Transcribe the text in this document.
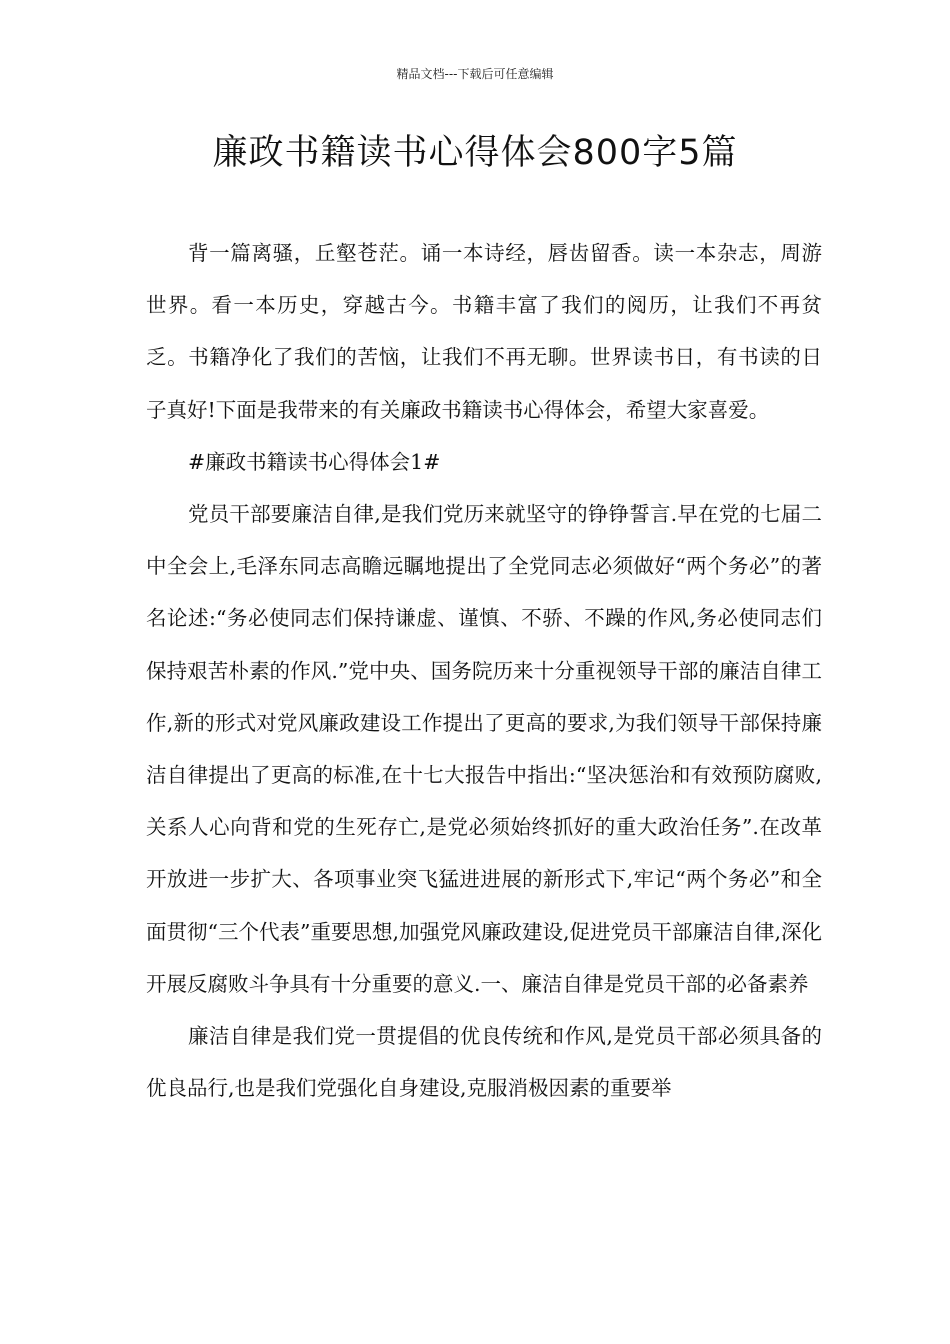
精品文档---下载后可任意编辑
廉政书籍读书心得体会800字5篇

背一篇离骚，丘壑苍茫。诵一本诗经，唇齿留香。读一本杂志，周游世界。看一本历史，穿越古今。书籍丰富了我们的阅历，让我们不再贫乏。书籍净化了我们的苦恼，让我们不再无聊。世界读书日，有书读的日子真好!下面是我带来的有关廉政书籍读书心得体会，希望大家喜爱。

#廉政书籍读书心得体会1#

党员干部要廉洁自律,是我们党历来就坚守的铮铮誓言.早在党的七届二中全会上,毛泽东同志高瞻远瞩地提出了全党同志必须做好“两个务必”的著名论述:“务必使同志们保持谦虚、谨慎、不骄、不躁的作风,务必使同志们保持艰苦朴素的作风.”党中央、国务院历来十分重视领导干部的廉洁自律工作,新的形式对党风廉政建设工作提出了更高的要求,为我们领导干部保持廉洁自律提出了更高的标准,在十七大报告中指出:“坚决惩治和有效预防腐败,关系人心向背和党的生死存亡,是党必须始终抓好的重大政治任务”.在改革开放进一步扩大、各项事业突飞猛进进展的新形式下,牢记“两个务必”和全面贯彻“三个代表”重要思想,加强党风廉政建设,促进党员干部廉洁自律,深化开展反腐败斗争具有十分重要的意义.一、廉洁自律是党员干部的必备素养

廉洁自律是我们党一贯提倡的优良传统和作风,是党员干部必须具备的优良品行,也是我们党强化自身建设,克服消极因素的重要举
